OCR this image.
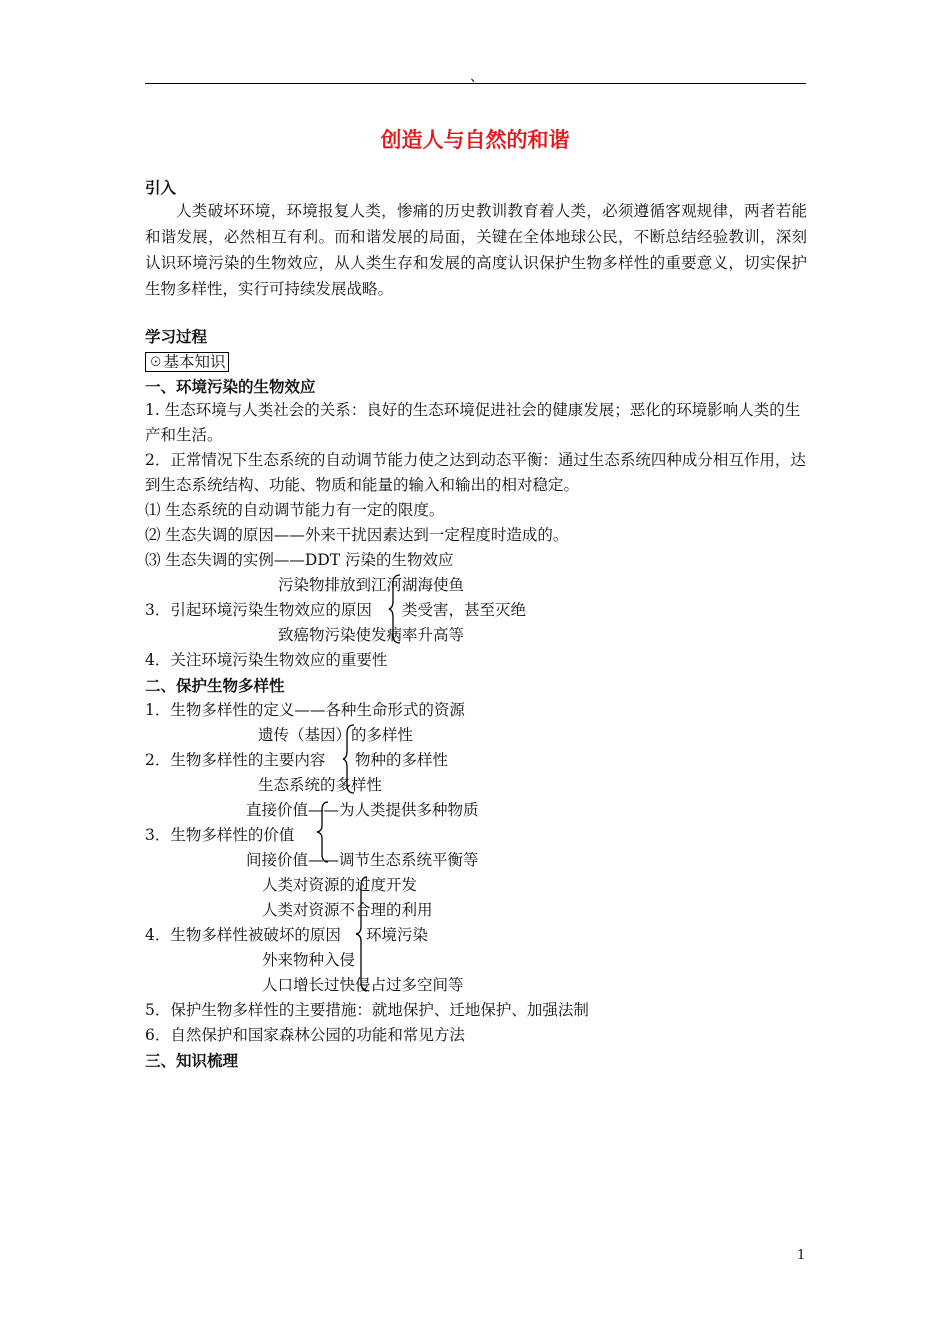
、
创造人与自然的和谐
引入
人类破坏环境，环境报复人类，惨痛的历史教训教育着人类，必须遵循客观规律，两者若能和谐发展，必然相互有利。而和谐发展的局面，关键在全体地球公民，不断总结经验教训，深刻认识环境污染的生物效应，从人类生存和发展的高度认识保护生物多样性的重要意义，切实保护生物多样性，实行可持续发展战略。
学习过程
☉基本知识
一、环境污染的生物效应
1. 生态环境与人类社会的关系：良好的生态环境促进社会的健康发展；恶化的环境影响人类的生产和生活。
2．正常情况下生态系统的自动调节能力使之达到动态平衡：通过生态系统四种成分相互作用，达到生态系统结构、功能、物质和能量的输入和输出的相对稳定。
⑴ 生态系统的自动调节能力有一定的限度。
⑵ 生态失调的原因——外来干扰因素达到一定程度时造成的。
⑶ 生态失调的实例——DDT 污染的生物效应
污染物排放到江河湖海使鱼
3．引起环境污染生物效应的原因 类受害，甚至灭绝
致癌物污染使发病率升高等
4．关注环境污染生物效应的重要性
二、保护生物多样性
1．生物多样性的定义——各种生命形式的资源
遗传（基因）的多样性
2．生物多样性的主要内容 物种的多样性
生态系统的多样性
直接价值——为人类提供多种物质
3．生物多样性的价值
间接价值——调节生态系统平衡等
人类对资源的过度开发
人类对资源不合理的利用
4．生物多样性被破坏的原因 环境污染
外来物种入侵
人口增长过快侵占过多空间等
5．保护生物多样性的主要措施：就地保护、迁地保护、加强法制
6．自然保护和国家森林公园的功能和常见方法
三、知识梳理
1
